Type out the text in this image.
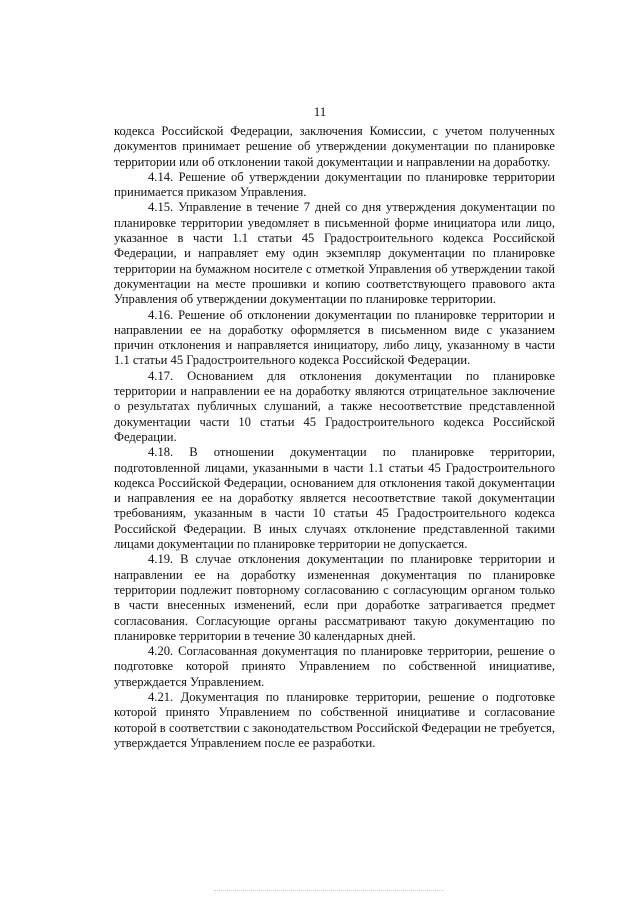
11

кодекса Российской Федерации, заключения Комиссии, с учетом полученных документов принимает решение об утверждении документации по планировке территории или об отклонении такой документации и направлении на доработку.

4.14. Решение об утверждении документации по планировке территории принимается приказом Управления.

4.15. Управление в течение 7 дней со дня утверждения документации по планировке территории уведомляет в письменной форме инициатора или лицо, указанное в части 1.1 статьи 45 Градостроительного кодекса Российской Федерации, и направляет ему один экземпляр документации по планировке территории на бумажном носителе с отметкой Управления об утверждении такой документации на месте прошивки и копию соответствующего правового акта Управления об утверждении документации по планировке территории.

4.16. Решение об отклонении документации по планировке территории и направлении ее на доработку оформляется в письменном виде с указанием причин отклонения и направляется инициатору, либо лицу, указанному в части 1.1 статьи 45 Градостроительного кодекса Российской Федерации.

4.17. Основанием для отклонения документации по планировке территории и направлении ее на доработку являются отрицательное заключение о результатах публичных слушаний, а также несоответствие представленной документации части 10 статьи 45 Градостроительного кодекса Российской Федерации.

4.18. В отношении документации по планировке территории, подготовленной лицами, указанными в части 1.1 статьи 45 Градостроительного кодекса Российской Федерации, основанием для отклонения такой документации и направления ее на доработку является несоответствие такой документации требованиям, указанным в части 10 статьи 45 Градостроительного кодекса Российской Федерации. В иных случаях отклонение представленной такими лицами документации по планировке территории не допускается.

4.19. В случае отклонения документации по планировке территории и направлении ее на доработку измененная документация по планировке территории подлежит повторному согласованию с согласующим органом только в части внесенных изменений, если при доработке затрагивается предмет согласования. Согласующие органы рассматривают такую документацию по планировке территории в течение 30 календарных дней.

4.20. Согласованная документация по планировке территории, решение о подготовке которой принято Управлением по собственной инициативе, утверждается Управлением.

4.21. Документация по планировке территории, решение о подготовке которой принято Управлением по собственной инициативе и согласование которой в соответствии с законодательством Российской Федерации не требуется, утверждается Управлением после ее разработки.
